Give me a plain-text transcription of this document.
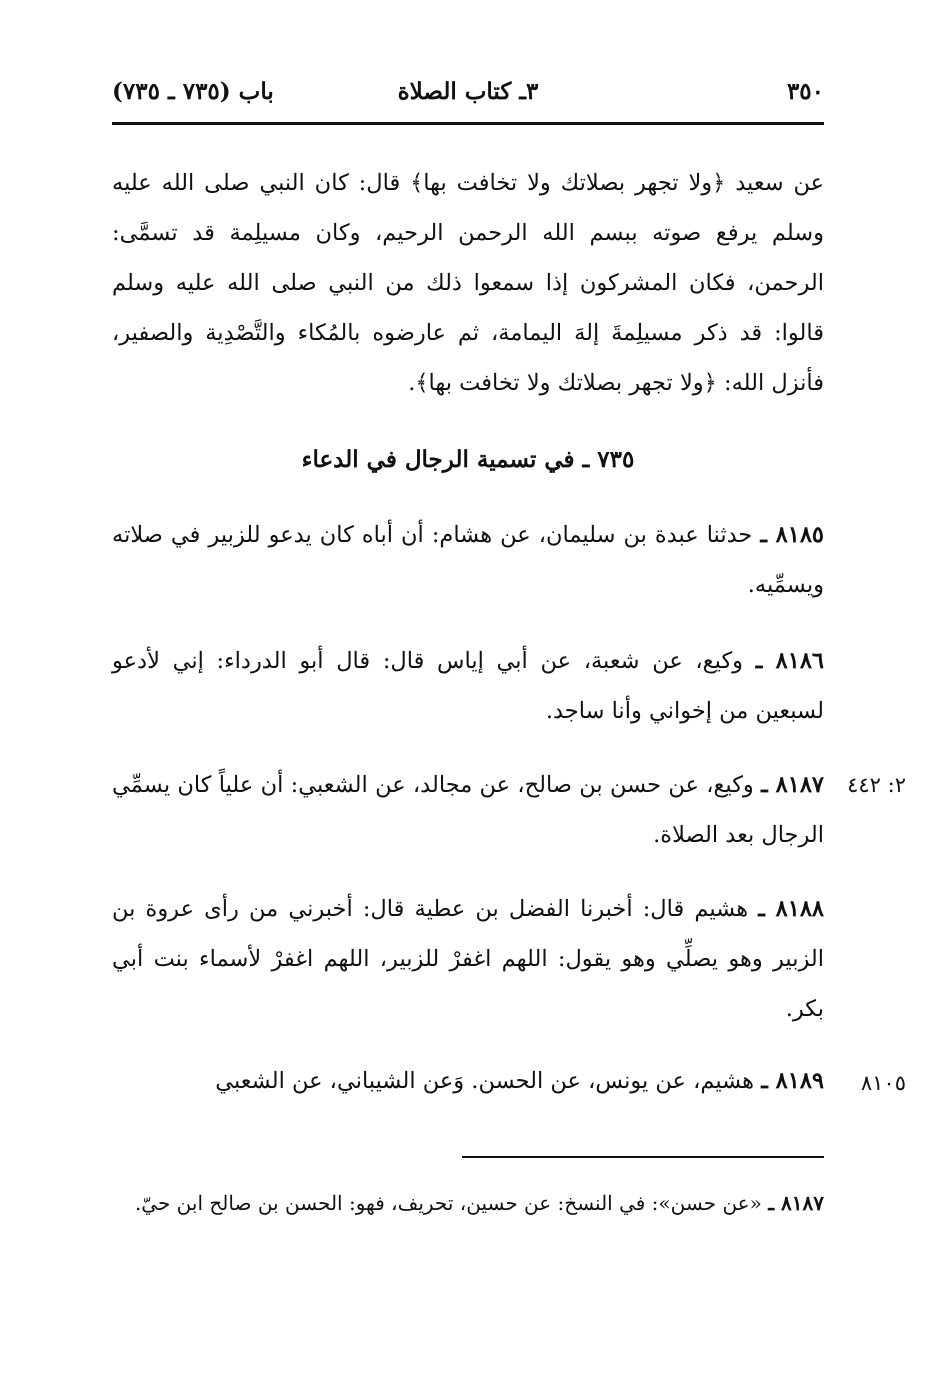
٣٥٠
٣ـ كتاب الصلاة
باب (٧٣٥ ـ ٧٣٥)
عن سعيد ﴿ولا تجهر بصلاتك ولا تخافت بها﴾ قال: كان النبي صلى الله عليه وسلم يرفع صوته ببسم الله الرحمن الرحيم، وكان مسيلِمة قد تسمَّى: الرحمن، فكان المشركون إذا سمعوا ذلك من النبي صلى الله عليه وسلم قالوا: قد ذكر مسيلِمةَ إلهَ اليمامة، ثم عارضوه بالمُكاء والتَّصْدِية والصفير، فأنزل الله: ﴿ولا تجهر بصلاتك ولا تخافت بها﴾.
٧٣٥ ـ في تسمية الرجال في الدعاء
٨١٨٥ ـ حدثنا عبدة بن سليمان، عن هشام: أن أباه كان يدعو للزبير في صلاته ويسمِّيه.
٨١٨٦ ـ وكيع، عن شعبة، عن أبي إياس قال: قال أبو الدرداء: إني لأدعو لسبعين من إخواني وأنا ساجد.
٢: ٤٤٢
٨١٨٧ ـ وكيع، عن حسن بن صالح، عن مجالد، عن الشعبي: أن علياً كان يسمِّي الرجال بعد الصلاة.
٨١٨٨ ـ هشيم قال: أخبرنا الفضل بن عطية قال: أخبرني من رأى عروة بن الزبير وهو يصلِّي وهو يقول: اللهم اغفرْ للزبير، اللهم اغفرْ لأسماء بنت أبي بكر.
٨١٠٥
٨١٨٩ ـ هشيم، عن يونس، عن الحسن. وَعن الشيباني، عن الشعبي
٨١٨٧ ـ «عن حسن»: في النسخ: عن حسين، تحريف، فهو: الحسن بن صالح ابن حيّ.
